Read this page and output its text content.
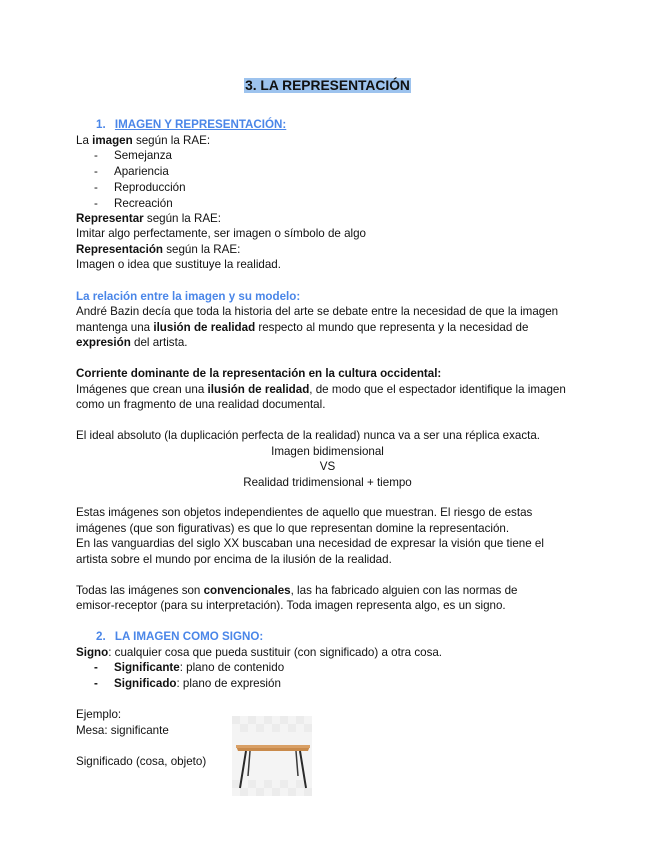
3. LA REPRESENTACIÓN
1. IMAGEN Y REPRESENTACIÓN:
La imagen según la RAE:
- Semejanza
- Apariencia
- Reproducción
- Recreación
Representar según la RAE:
Imitar algo perfectamente, ser imagen o símbolo de algo
Representación según la RAE:
Imagen o idea que sustituye la realidad.
La relación entre la imagen y su modelo:
André Bazin decía que toda la historia del arte se debate entre la necesidad de que la imagen
mantenga una ilusión de realidad respecto al mundo que representa y la necesidad de
expresión del artista.
Corriente dominante de la representación en la cultura occidental:
Imágenes que crean una ilusión de realidad, de modo que el espectador identifique la imagen
como un fragmento de una realidad documental.
El ideal absoluto (la duplicación perfecta de la realidad) nunca va a ser una réplica exacta.
Imagen bidimensional
VS
Realidad tridimensional + tiempo
Estas imágenes son objetos independientes de aquello que muestran. El riesgo de estas
imágenes (que son figurativas) es que lo que representan domine la representación.
En las vanguardias del siglo XX buscaban una necesidad de expresar la visión que tiene el
artista sobre el mundo por encima de la ilusión de la realidad.
Todas las imágenes son convencionales, las ha fabricado alguien con las normas de
emisor-receptor (para su interpretación). Toda imagen representa algo, es un signo.
2. LA IMAGEN COMO SIGNO:
Signo: cualquier cosa que pueda sustituir (con significado) a otra cosa.
- Significante: plano de contenido
- Significado: plano de expresión
Ejemplo:
Mesa: significante
Significado (cosa, objeto)
